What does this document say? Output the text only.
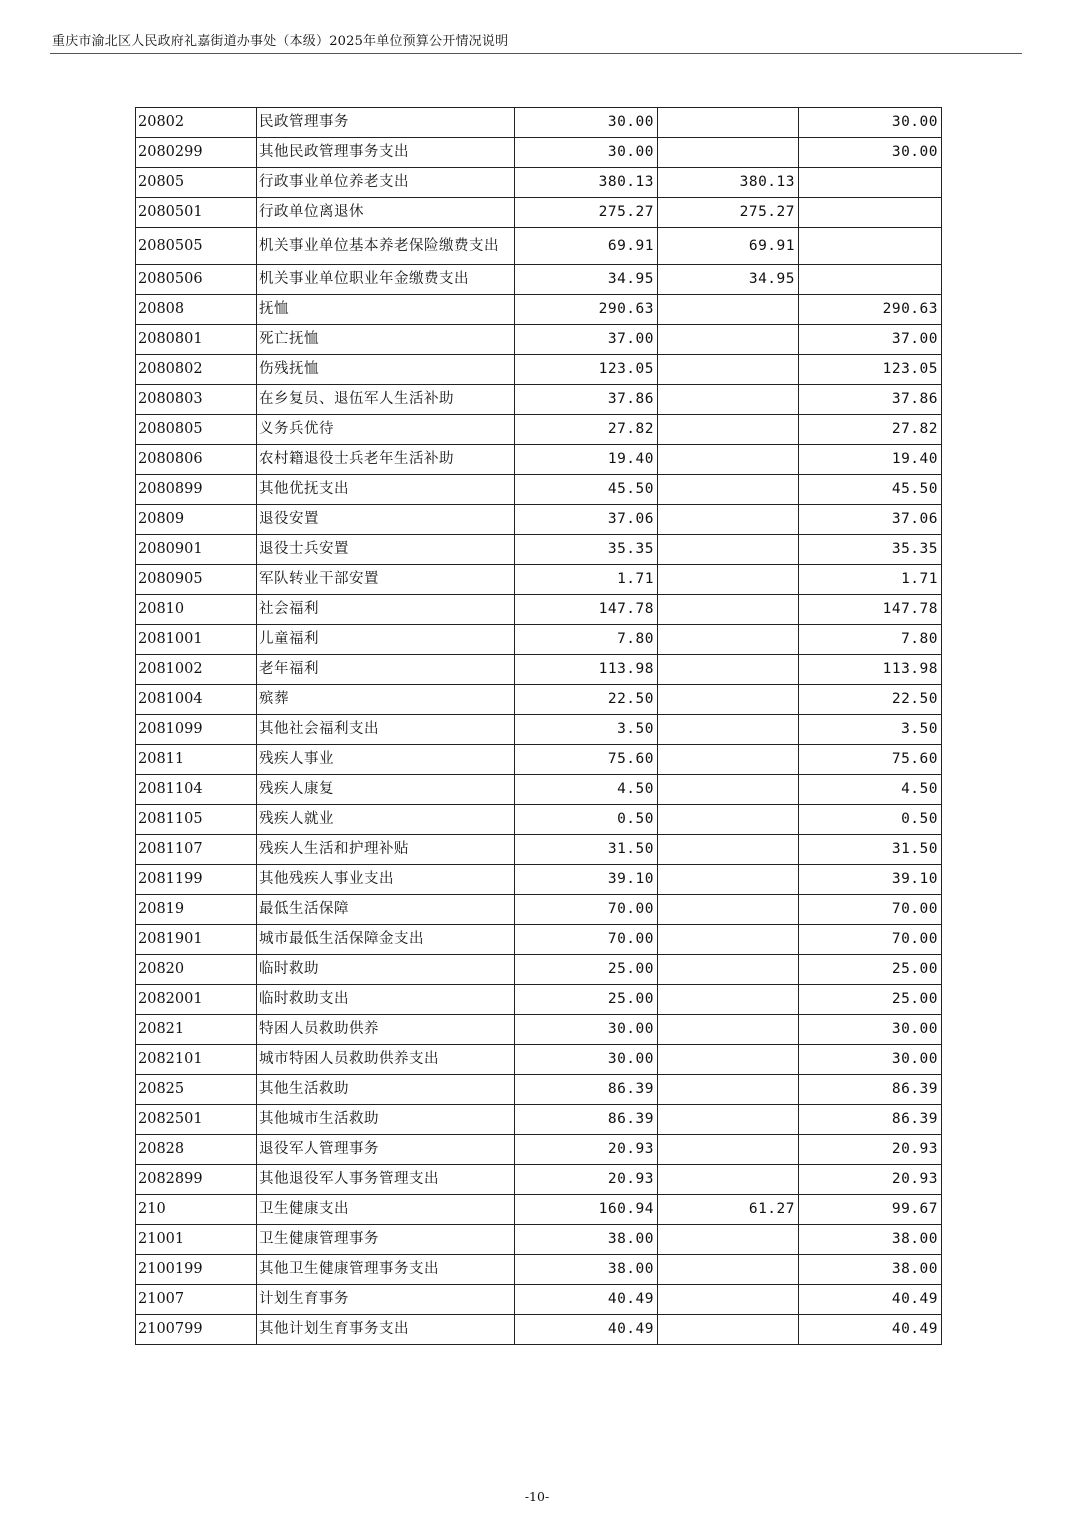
重庆市渝北区人民政府礼嘉街道办事处（本级）2025年单位预算公开情况说明
20802	民政管理事务	30.00		30.00
2080299	其他民政管理事务支出	30.00		30.00
20805	行政事业单位养老支出	380.13	380.13	
2080501	行政单位离退休	275.27	275.27	
2080505	机关事业单位基本养老保险缴费支出	69.91	69.91	
2080506	机关事业单位职业年金缴费支出	34.95	34.95	
20808	抚恤	290.63		290.63
2080801	死亡抚恤	37.00		37.00
2080802	伤残抚恤	123.05		123.05
2080803	在乡复员、退伍军人生活补助	37.86		37.86
2080805	义务兵优待	27.82		27.82
2080806	农村籍退役士兵老年生活补助	19.40		19.40
2080899	其他优抚支出	45.50		45.50
20809	退役安置	37.06		37.06
2080901	退役士兵安置	35.35		35.35
2080905	军队转业干部安置	1.71		1.71
20810	社会福利	147.78		147.78
2081001	儿童福利	7.80		7.80
2081002	老年福利	113.98		113.98
2081004	殡葬	22.50		22.50
2081099	其他社会福利支出	3.50		3.50
20811	残疾人事业	75.60		75.60
2081104	残疾人康复	4.50		4.50
2081105	残疾人就业	0.50		0.50
2081107	残疾人生活和护理补贴	31.50		31.50
2081199	其他残疾人事业支出	39.10		39.10
20819	最低生活保障	70.00		70.00
2081901	城市最低生活保障金支出	70.00		70.00
20820	临时救助	25.00		25.00
2082001	临时救助支出	25.00		25.00
20821	特困人员救助供养	30.00		30.00
2082101	城市特困人员救助供养支出	30.00		30.00
20825	其他生活救助	86.39		86.39
2082501	其他城市生活救助	86.39		86.39
20828	退役军人管理事务	20.93		20.93
2082899	其他退役军人事务管理支出	20.93		20.93
210	卫生健康支出	160.94	61.27	99.67
21001	卫生健康管理事务	38.00		38.00
2100199	其他卫生健康管理事务支出	38.00		38.00
21007	计划生育事务	40.49		40.49
2100799	其他计划生育事务支出	40.49		40.49
-10-
